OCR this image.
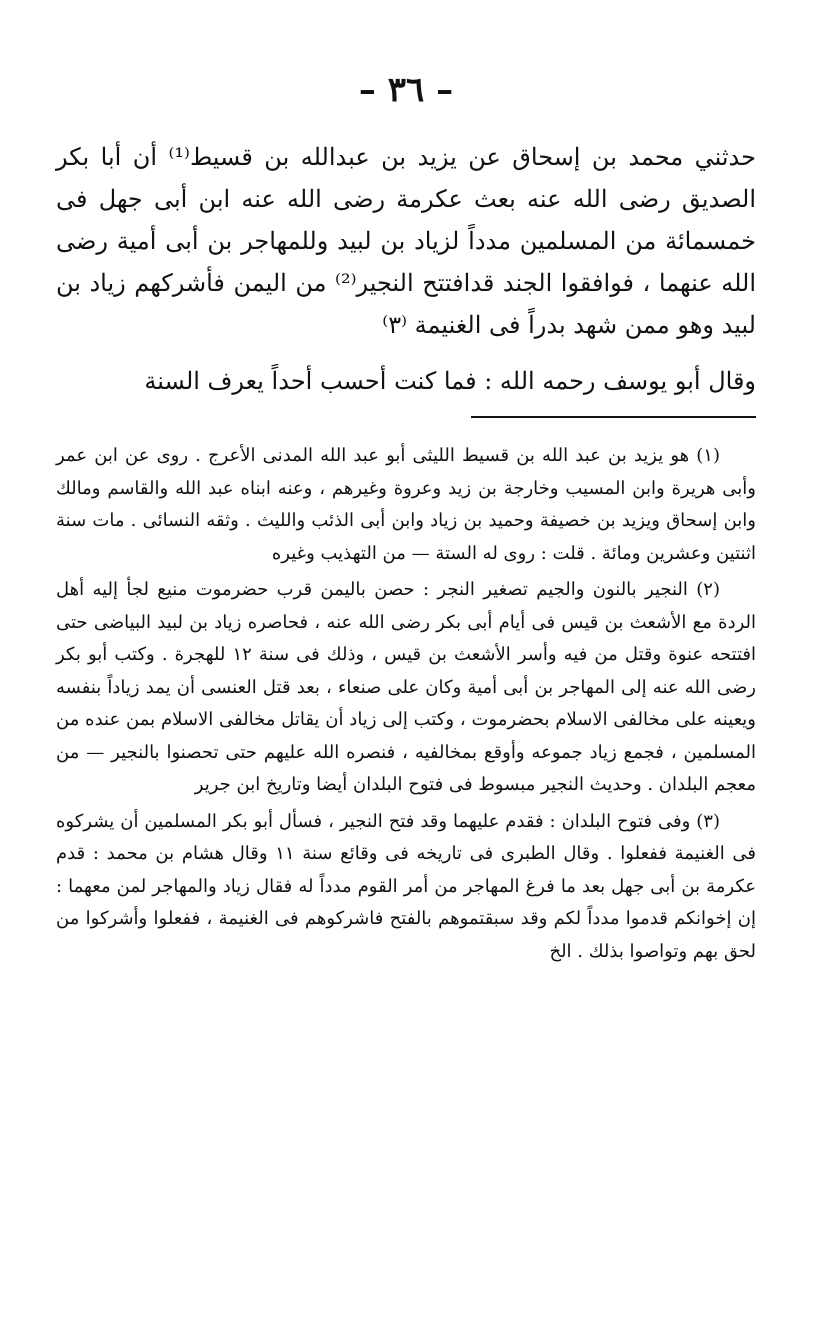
– ٣٦ –

حدثني محمد بن إسحاق عن يزيد بن عبدالله بن قسيط⁽¹⁾ أن أبا بكر الصديق رضى الله عنه بعث عكرمة رضى الله عنه ابن أبى جهل فى خمسمائة من المسلمين مدداً لزياد بن لبيد وللمهاجر بن أبى أمية رضى الله عنهما ، فوافقوا الجند قدافتتح النجير⁽²⁾ من اليمن فأشركهم زياد بن لبيد وهو ممن شهد بدراً فى الغنيمة ⁽٣⁾

وقال أبو يوسف رحمه الله : فما كنت أحسب أحداً يعرف السنة

(١) هو يزيد بن عبد الله بن قسيط الليثى أبو عبد الله المدنى الأعرج . روى عن ابن عمر وأبى هريرة وابن المسيب وخارجة بن زيد وعروة وغيرهم ، وعنه ابناه عبد الله والقاسم ومالك وابن إسحاق ويزيد بن خصيفة وحميد بن زياد وابن أبى الذئب والليث . وثقه النسائى . مات سنة اثنتين وعشرين ومائة . قلت : روى له الستة — من التهذيب وغيره

(٢) النجير بالنون والجيم تصغير النجر : حصن باليمن قرب حضرموت منيع لجأ إليه أهل الردة مع الأشعث بن قيس فى أيام أبى بكر رضى الله عنه ، فحاصره زياد بن لبيد البياضى حتى افتتحه عنوة وقتل من فيه وأسر الأشعث بن قيس ، وذلك فى سنة ١٢ للهجرة . وكتب أبو بكر رضى الله عنه إلى المهاجر بن أبى أمية وكان على صنعاء ، بعد قتل العنسى أن يمد زياداً بنفسه ويعينه على مخالفى الاسلام بحضرموت ، وكتب إلى زياد أن يقاتل مخالفى الاسلام بمن عنده من المسلمين ، فجمع زياد جموعه وأوقع بمخالفيه ، فنصره الله عليهم حتى تحصنوا بالنجير — من معجم البلدان . وحديث النجير مبسوط فى فتوح البلدان أيضا وتاريخ ابن جرير

(٣) وفى فتوح البلدان : فقدم عليهما وقد فتح النجير ، فسأل أبو بكر المسلمين أن يشركوه فى الغنيمة ففعلوا . وقال الطبرى فى تاريخه فى وقائع سنة ١١ وقال هشام بن محمد : قدم عكرمة بن أبى جهل بعد ما فرغ المهاجر من أمر القوم مدداً له فقال زياد والمهاجر لمن معهما : إن إخوانكم قدموا مدداً لكم وقد سبقتموهم بالفتح فاشركوهم فى الغنيمة ، ففعلوا وأشركوا من لحق بهم وتواصوا بذلك . الخ
